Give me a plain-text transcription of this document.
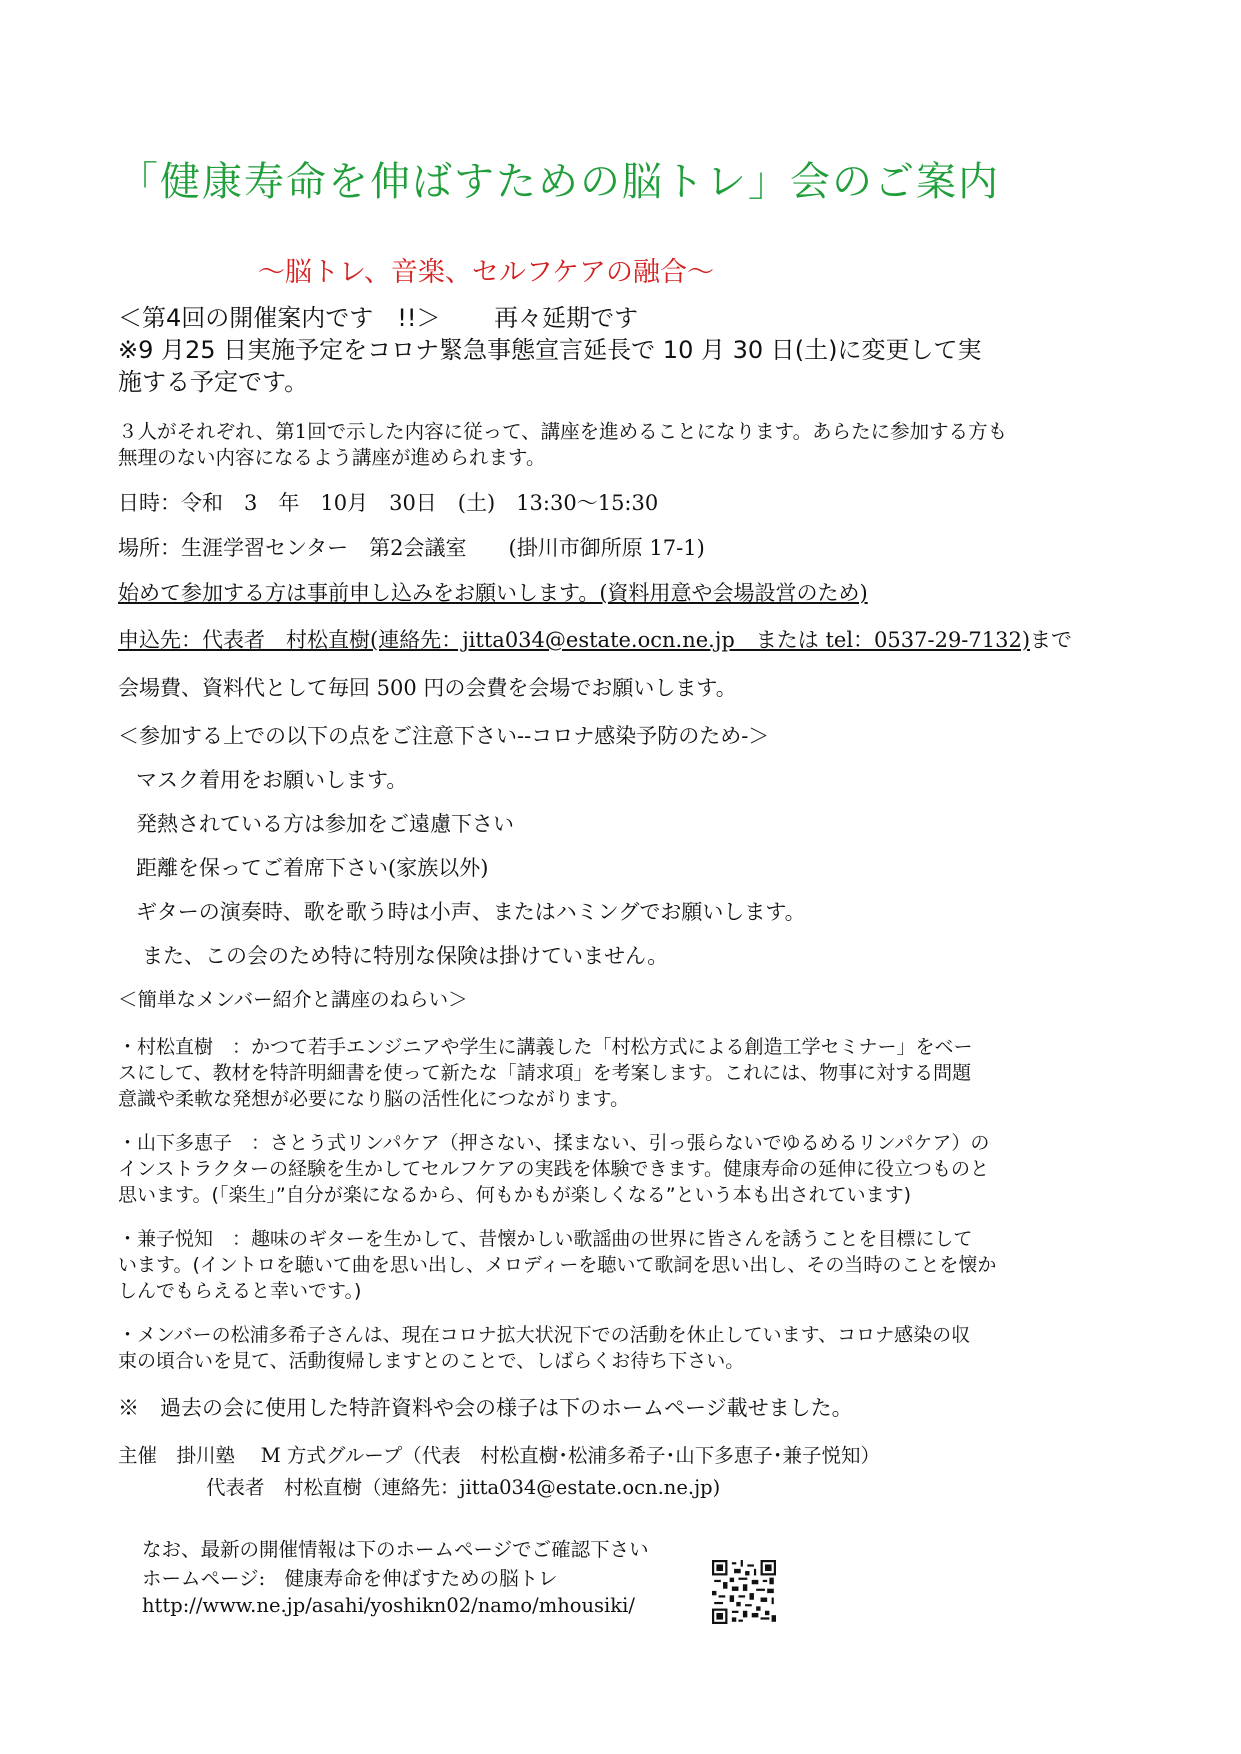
「健康寿命を伸ばすための脳トレ」会のご案内
～脳トレ、音楽、セルフケアの融合～
＜第4回の開催案内です　!!＞ 再々延期です
※9 月25 日実施予定をコロナ緊急事態宣言延長で 10 月 30 日(土)に変更して実
施する予定です。
３人がそれぞれ、第1回で示した内容に従って、講座を進めることになります。あらたに参加する方も
無理のない内容になるよう講座が進められます。
日時：令和　3　年　10月　30日　(土)　13:30～15:30
場所：生涯学習センター　第2会議室　　(掛川市御所原 17-1)
始めて参加する方は事前申し込みをお願いします。(資料用意や会場設営のため)
申込先：代表者　村松直樹(連絡先：jitta034@estate.ocn.ne.jp　または tel：0537-29-7132)まで
会場費、資料代として毎回 500 円の会費を会場でお願いします。
＜参加する上での以下の点をご注意下さい--コロナ感染予防のため-＞
マスク着用をお願いします。
発熱されている方は参加をご遠慮下さい
距離を保ってご着席下さい(家族以外)
ギターの演奏時、歌を歌う時は小声、またはハミングでお願いします。
また、この会のため特に特別な保険は掛けていません。
＜簡単なメンバー紹介と講座のねらい＞
・村松直樹　：かつて若手エンジニアや学生に講義した「村松方式による創造工学セミナー」をベー
スにして、教材を特許明細書を使って新たな「請求項」を考案します。これには、物事に対する問題
意識や柔軟な発想が必要になり脳の活性化につながります。
・山下多恵子　：さとう式リンパケア（押さない、揉まない、引っ張らないでゆるめるリンパケア）の
インストラクターの経験を生かしてセルフケアの実践を体験できます。健康寿命の延伸に役立つものと
思います。(「楽生」”自分が楽になるから、何もかもが楽しくなる”という本も出されています)
・兼子悦知　：趣味のギターを生かして、昔懐かしい歌謡曲の世界に皆さんを誘うことを目標にして
います。(イントロを聴いて曲を思い出し、メロディーを聴いて歌詞を思い出し、その当時のことを懐か
しんでもらえると幸いです。)
・メンバーの松浦多希子さんは、現在コロナ拡大状況下での活動を休止しています、コロナ感染の収
束の頃合いを見て、活動復帰しますとのことで、しばらくお待ち下さい。
※　過去の会に使用した特許資料や会の様子は下のホームページ載せました。
主催　掛川塾　 M 方式グループ（代表　村松直樹･松浦多希子･山下多恵子･兼子悦知）
代表者　村松直樹（連絡先：jitta034@estate.ocn.ne.jp)
なお、最新の開催情報は下のホームページでご確認下さい
ホームページ:　健康寿命を伸ばすための脳トレ
http://www.ne.jp/asahi/yoshikn02/namo/mhousiki/
